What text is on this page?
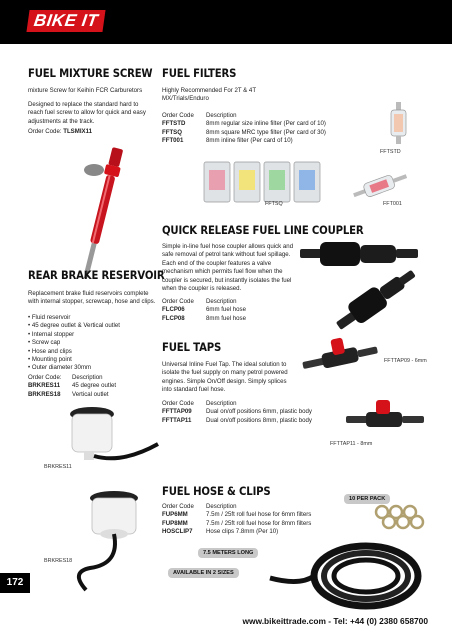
BIKE IT
FUEL MIXTURE SCREW
mixture Screw for Keihin FCR Carburetors
Designed to replace the standard hard to reach fuel screw to allow for quick and easy adjustments at the track.
Order Code: TLSMIX11
FUEL FILTERS
Highly Recommended For 2T & 4T MX/Trials/Enduro
Order Code	Description
FFTSTD	8mm regular size inline filter (Per card of 10)
FFTSQ	8mm square MRC type filter (Per card of 30)
FFT001	8mm inline filter (Per card of 10)
FFTSTD
FFTSQ	FFT001
QUICK RELEASE FUEL LINE COUPLER
Simple in-line fuel hose coupler allows quick and safe removal of petrol tank without fuel spillage. Each end of the coupler features a valve mechanism which permits fuel flow when the coupler is secured, but instantly isolates the fuel when the coupler is released.
Order Code	Description
FLCP06	6mm fuel hose
FLCP08	8mm fuel hose
FUEL TAPS
Universal Inline Fuel Tap. The ideal solution to isolate the fuel supply on many petrol powered engines. Simple On/Off design. Simply splices into standard fuel hose.
Order Code	Description
FFTTAP09	Dual on/off positions 6mm, plastic body
FFTTAP11	Dual on/off positions 8mm, plastic body
FFTTAP09 - 6mm
FFTTAP11 - 8mm
REAR BRAKE RESERVOIR
Replacement brake fluid reservoirs complete with internal stopper, screwcap, hose and clips.
• Fluid reservoir
• 45 degree outlet & Vertical outlet
• Internal stopper
• Screw cap
• Hose and clips
• Mounting point
• Outer diameter 30mm
Order Code:	Description
BRKRES11	45 degree outlet
BRKRES18	Vertical outlet
BRKRES11
BRKRES18
FUEL HOSE & CLIPS
Order Code	Description
FUP6MM	7.5m / 25ft roll fuel hose for 6mm filters
FUP8MM	7.5m / 25ft roll fuel hose for 8mm filters
HOSCLIP7	Hose clips 7.8mm (Per 10)
10 PER PACK
7.5 METERS LONG
AVAILABLE IN 2 SIZES
172
www.bikeittrade.com - Tel: +44 (0) 2380 658700
